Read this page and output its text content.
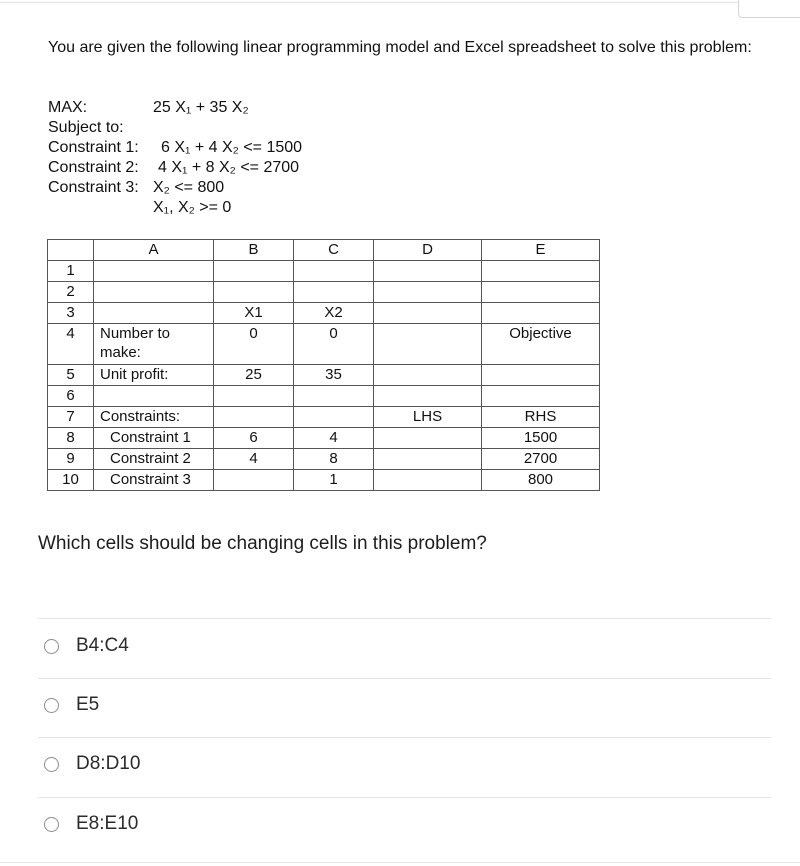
You are given the following linear programming model and Excel spreadsheet to solve this problem:
MAX:	25 X₁ + 35 X₂
Subject to:
Constraint 1: 6 X₁ + 4 X₂ <= 1500
Constraint 2: 4 X₁ + 8 X₂ <= 2700
Constraint 3: X₂ <= 800
X₁, X₂ >= 0
	A	B	C	D	E
1					
2					
3		X1	X2		
4	Number to make:	0	0		Objective
5	Unit profit:	25	35		
6					
7	Constraints:			LHS	RHS
8	Constraint 1	6	4		1500
9	Constraint 2	4	8		2700
10	Constraint 3		1		800
Which cells should be changing cells in this problem?
B4:C4
E5
D8:D10
E8:E10
